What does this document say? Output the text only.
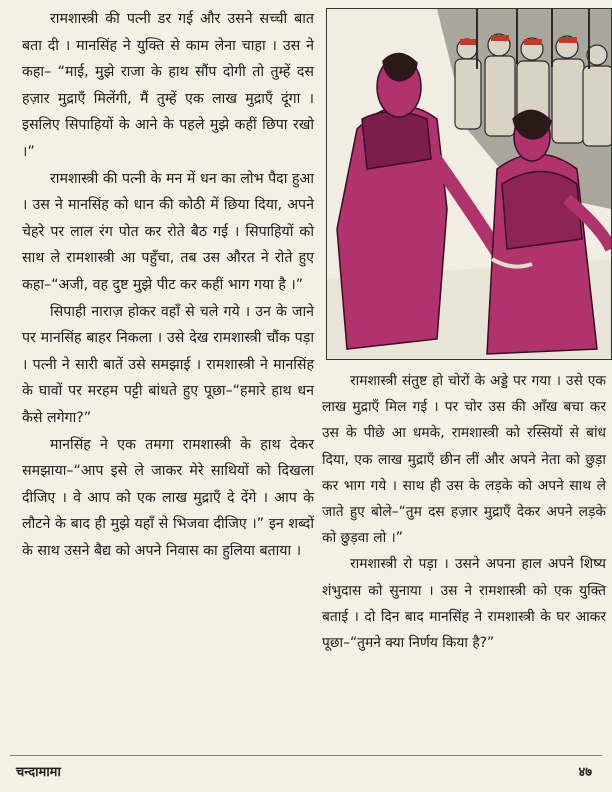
रामशास्त्री की पत्नी डर गई और उसने सच्ची बात बता दी । मानसिंह ने युक्ति से काम लेना चाहा । उस ने कहा– “माई, मुझे राजा के हाथ सौंप दोगी तो तुम्हें दस हज़ार मुद्राएँ मिलेंगी, मैं तुम्हें एक लाख मुद्राएँ दूंगा । इसलिए सिपाहियों के आने के पहले मुझे कहीं छिपा रखो ।”

रामशास्त्री की पत्नी के मन में धन का लोभ पैदा हुआ । उस ने मानसिंह को धान की कोठी में छिया दिया, अपने चेहरे पर लाल रंग पोत कर रोते बैठ गई । सिपाहियों को साथ ले रामशास्त्री आ पहुँचा, तब उस औरत ने रोते हुए कहा–“अजी, वह दुष्ट मुझे पीट कर कहीं भाग गया है ।”

सिपाही नाराज़ होकर वहाँ से चले गये । उन के जाने पर मानसिंह बाहर निकला । उसे देख रामशास्त्री चौंक पड़ा । पत्नी ने सारी बातें उसे समझाई । रामशास्त्री ने मानसिंह के घावों पर मरहम पट्टी बांधते हुए पूछा–“हमारे हाथ धन कैसे लगेगा?”

मानसिंह ने एक तमगा रामशास्त्री के हाथ देकर समझाया–“आप इसे ले जाकर मेरे साथियों को दिखला दीजिए । वे आप को एक लाख मुद्राएँ दे देंगे । आप के लौटने के बाद ही मुझे यहाँ से भिजवा दीजिए ।” इन शब्दों के साथ उसने बैद्य को अपने निवास का हुलिया बताया ।

रामशास्त्री संतुष्ट हो चोरों के अड्डे पर गया । उसे एक लाख मुद्राएँ मिल गई । पर चोर उस की आँख बचा कर उस के पीछे आ धमके, रामशास्त्री को रस्सियों से बांध दिया, एक लाख मुद्राएँ छीन लीं और अपने नेता को छुड़ा कर भाग गये । साथ ही उस के लड़के को अपने साथ ले जाते हुए बोले–“तुम दस हज़ार मुद्राएँ देकर अपने लड़के को छुड़वा लो ।”

रामशास्त्री रो पड़ा । उसने अपना हाल अपने शिष्य शंभुदास को सुनाया । उस ने रामशास्त्री को एक युक्ति बताई । दो दिन बाद मानसिंह ने रामशास्त्री के घर आकर पूछा–“तुमने क्या निर्णय किया है?”

चन्दामामा	४७
